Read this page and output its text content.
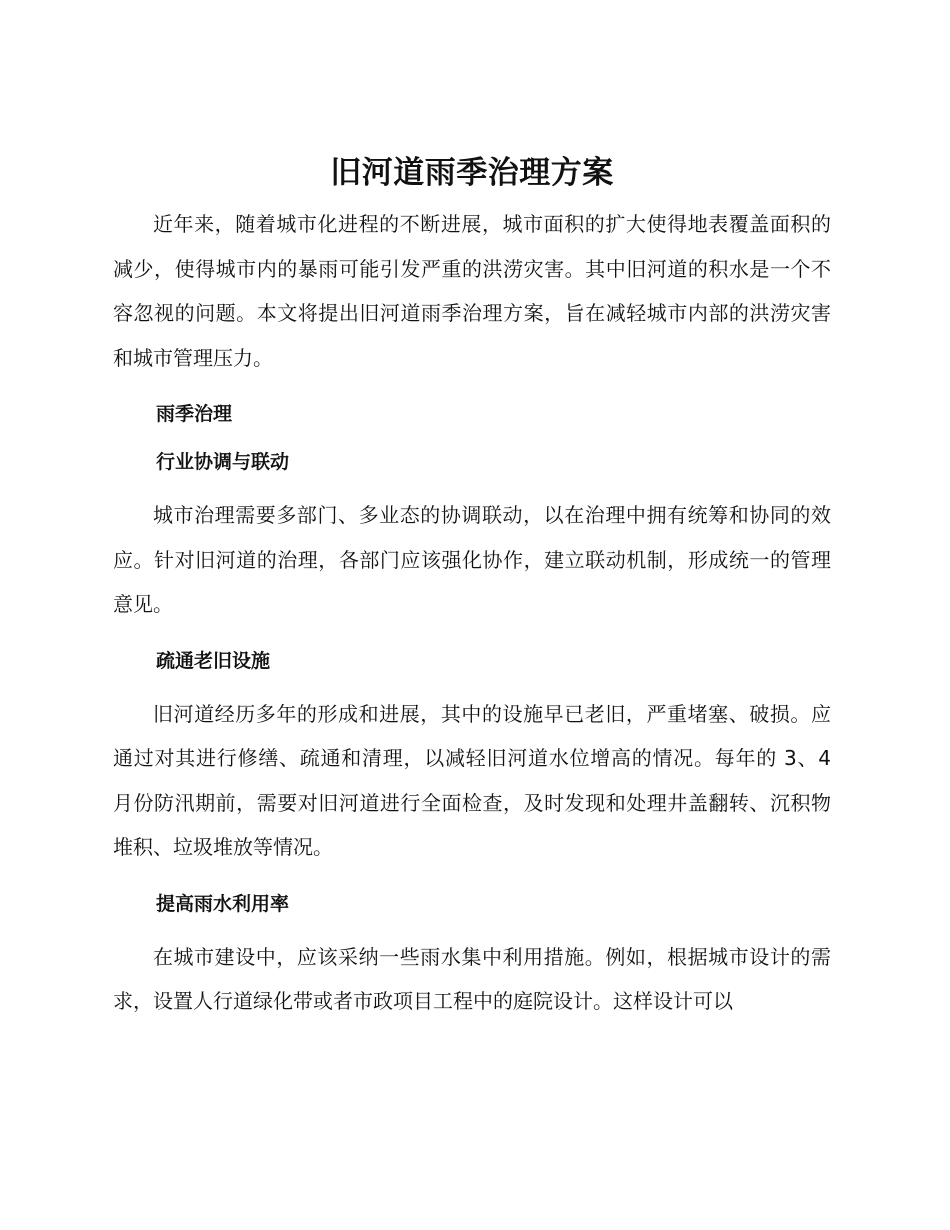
旧河道雨季治理方案

近年来，随着城市化进程的不断进展，城市面积的扩大使得地表覆盖面积的减少，使得城市内的暴雨可能引发严重的洪涝灾害。其中旧河道的积水是一个不容忽视的问题。本文将提出旧河道雨季治理方案，旨在减轻城市内部的洪涝灾害和城市管理压力。

雨季治理
行业协调与联动

城市治理需要多部门、多业态的协调联动，以在治理中拥有统筹和协同的效应。针对旧河道的治理，各部门应该强化协作，建立联动机制，形成统一的管理意见。

疏通老旧设施

旧河道经历多年的形成和进展，其中的设施早已老旧，严重堵塞、破损。应通过对其进行修缮、疏通和清理，以减轻旧河道水位增高的情况。每年的 3、4 月份防汛期前，需要对旧河道进行全面检查，及时发现和处理井盖翻转、沉积物堆积、垃圾堆放等情况。

提高雨水利用率

在城市建设中，应该采纳一些雨水集中利用措施。例如，根据城市设计的需求，设置人行道绿化带或者市政项目工程中的庭院设计。这样设计可以
